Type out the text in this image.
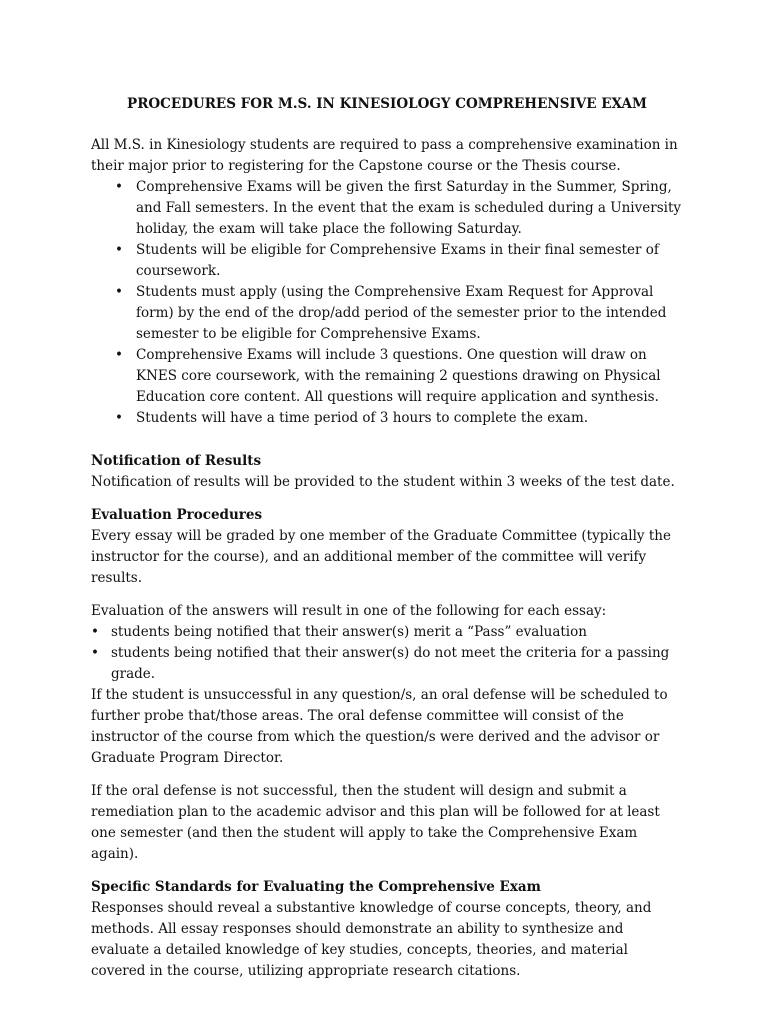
PROCEDURES FOR M.S. IN KINESIOLOGY COMPREHENSIVE EXAM

All M.S. in Kinesiology students are required to pass a comprehensive examination in their major prior to registering for the Capstone course or the Thesis course.

• Comprehensive Exams will be given the first Saturday in the Summer, Spring, and Fall semesters. In the event that the exam is scheduled during a University holiday, the exam will take place the following Saturday.
• Students will be eligible for Comprehensive Exams in their final semester of coursework.
• Students must apply (using the Comprehensive Exam Request for Approval form) by the end of the drop/add period of the semester prior to the intended semester to be eligible for Comprehensive Exams.
• Comprehensive Exams will include 3 questions. One question will draw on KNES core coursework, with the remaining 2 questions drawing on Physical Education core content. All questions will require application and synthesis.
• Students will have a time period of 3 hours to complete the exam.

Notification of Results

Notification of results will be provided to the student within 3 weeks of the test date.

Evaluation Procedures

Every essay will be graded by one member of the Graduate Committee (typically the instructor for the course), and an additional member of the committee will verify results.

Evaluation of the answers will result in one of the following for each essay:

• students being notified that their answer(s) merit a “Pass” evaluation
• students being notified that their answer(s) do not meet the criteria for a passing grade.

If the student is unsuccessful in any question/s, an oral defense will be scheduled to further probe that/those areas. The oral defense committee will consist of the instructor of the course from which the question/s were derived and the advisor or Graduate Program Director.

If the oral defense is not successful, then the student will design and submit a remediation plan to the academic advisor and this plan will be followed for at least one semester (and then the student will apply to take the Comprehensive Exam again).

Specific Standards for Evaluating the Comprehensive Exam

Responses should reveal a substantive knowledge of course concepts, theory, and methods. All essay responses should demonstrate an ability to synthesize and evaluate a detailed knowledge of key studies, concepts, theories, and material covered in the course, utilizing appropriate research citations.
